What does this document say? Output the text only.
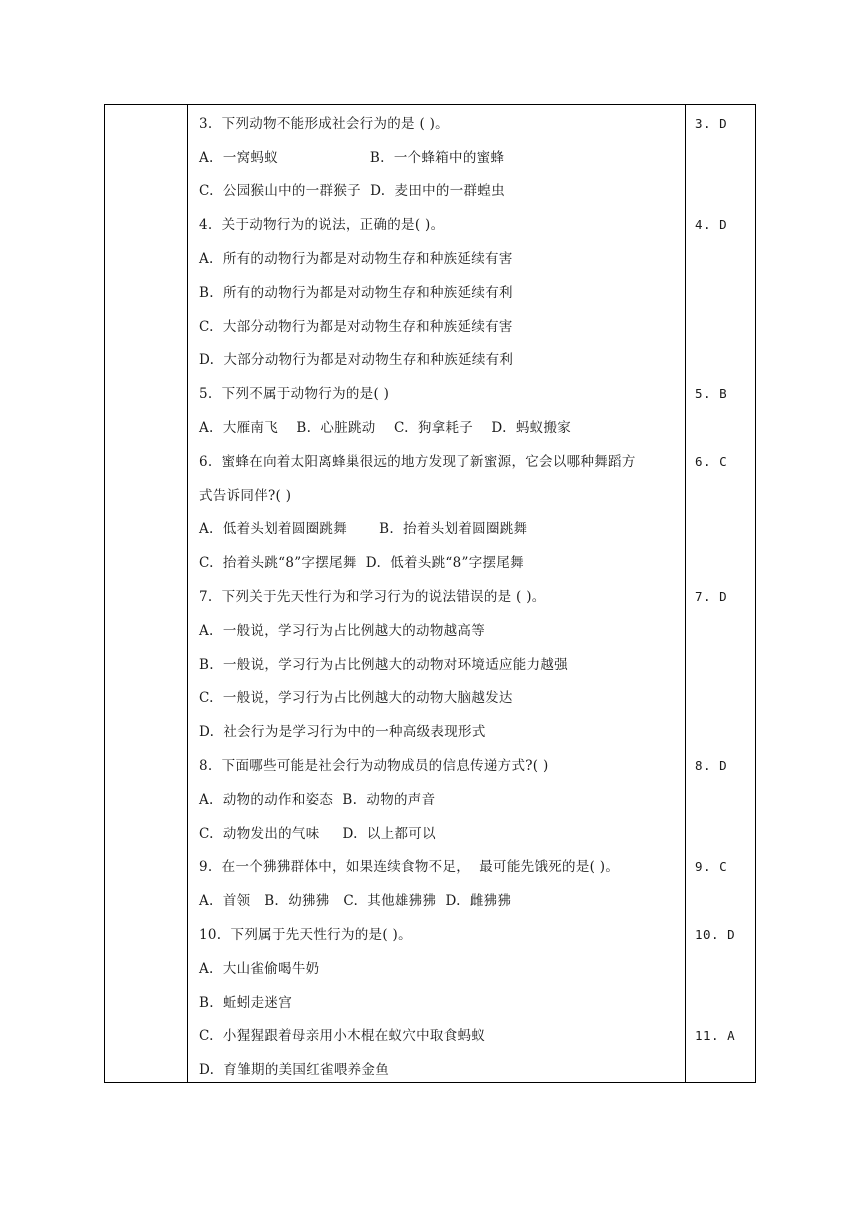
3.  下列动物不能形成社会行为的是 ( )。
A.  一窝蚂蚁                    B.  一个蜂箱中的蜜蜂
C.  公园猴山中的一群猴子  D.  麦田中的一群蝗虫
4.  关于动物行为的说法，正确的是( )。
A.  所有的动物行为都是对动物生存和种族延续有害
B.  所有的动物行为都是对动物生存和种族延续有利
C.  大部分动物行为都是对动物生存和种族延续有害
D.  大部分动物行为都是对动物生存和种族延续有利
5.  下列不属于动物行为的是( )
A.  大雁南飞    B.  心脏跳动    C.  狗拿耗子    D.  蚂蚁搬家
6.  蜜蜂在向着太阳离蜂巢很远的地方发现了新蜜源，它会以哪种舞蹈方
式告诉同伴?( )
A.  低着头划着圆圈跳舞       B.  抬着头划着圆圈跳舞
C.  抬着头跳“8”字摆尾舞  D.  低着头跳“8”字摆尾舞
7.  下列关于先天性行为和学习行为的说法错误的是 ( )。
A.  一般说，学习行为占比例越大的动物越高等
B.  一般说，学习行为占比例越大的动物对环境适应能力越强
C.  一般说，学习行为占比例越大的动物大脑越发达
D.  社会行为是学习行为中的一种高级表现形式
8.  下面哪些可能是社会行为动物成员的信息传递方式?( )
A.  动物的动作和姿态  B.  动物的声音
C.  动物发出的气味     D.  以上都可以
9.  在一个狒狒群体中，如果连续食物不足，  最可能先饿死的是( )。
A.  首领   B.  幼狒狒   C.  其他雄狒狒  D.  雌狒狒
10.  下列属于先天性行为的是( )。
A.  大山雀偷喝牛奶
B.  蚯蚓走迷宫
C.  小猩猩跟着母亲用小木棍在蚁穴中取食蚂蚁
D.  育雏期的美国红雀喂养金鱼
3. D
4. D
5. B
6. C
7. D
8. D
9. C
10. D
11. A
